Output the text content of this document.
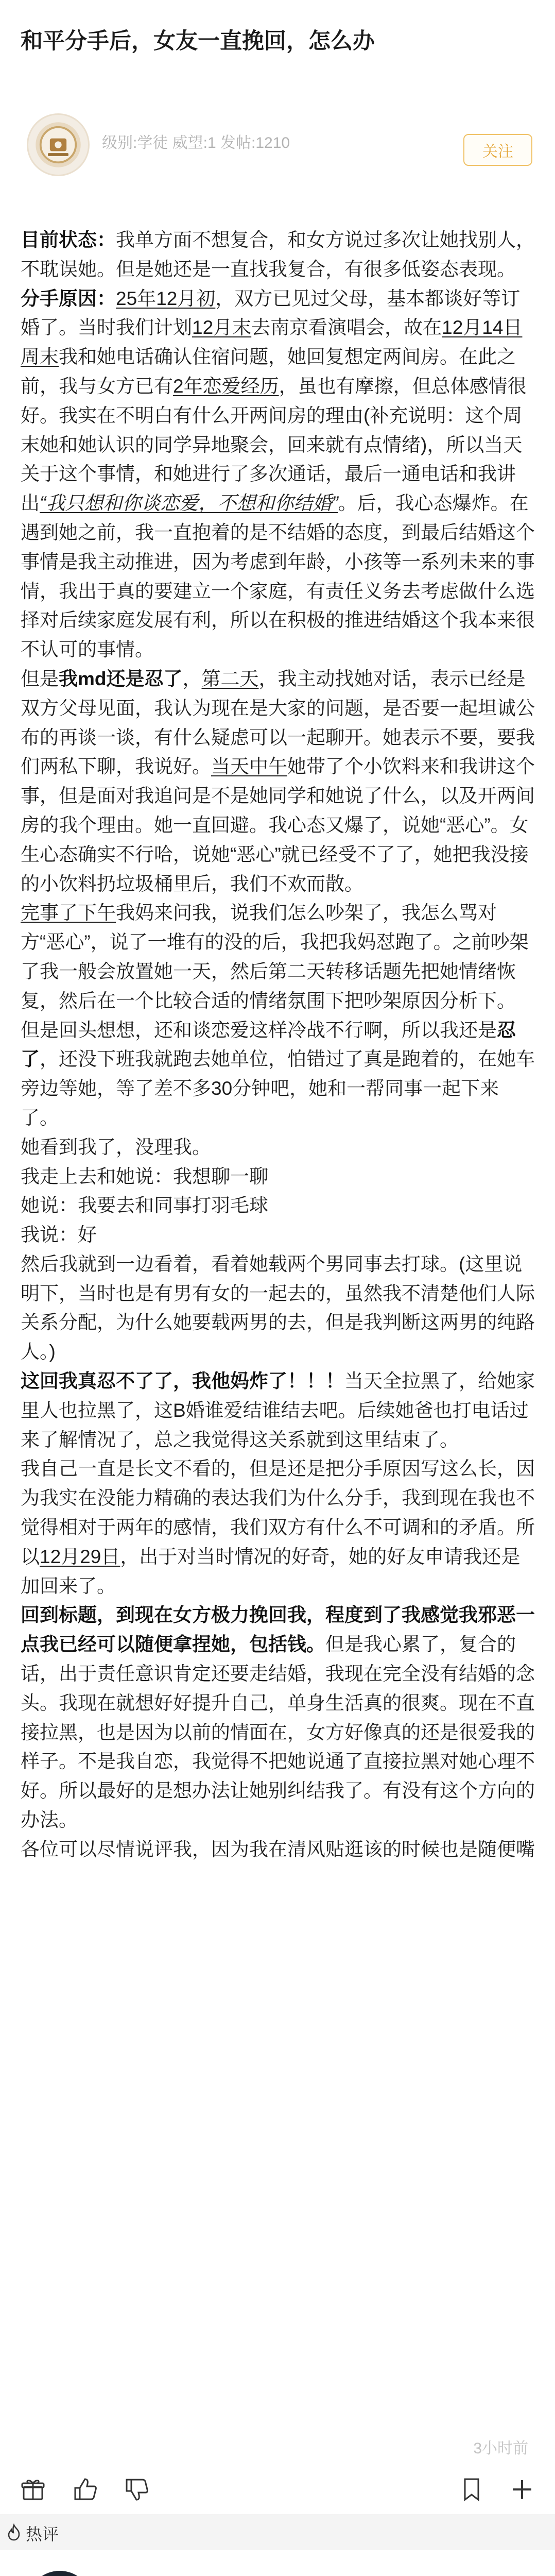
和平分手后，女友一直挽回，怎么办
级别:学徒 威望:1 发帖:1210
关注

目前状态：我单方面不想复合，和女方说过多次让她找别人，不耽误她。但是她还是一直找我复合，有很多低姿态表现。

分手原因：25年12月初，双方已见过父母，基本都谈好等订婚了。当时我们计划12月末去南京看演唱会，故在12月14日周末我和她电话确认住宿问题，她回复想定两间房。在此之前，我与女方已有2年恋爱经历，虽也有摩擦，但总体感情很好。我实在不明白有什么开两间房的理由(补充说明：这个周末她和她认识的同学异地聚会，回来就有点情绪)，所以当天关于这个事情，和她进行了多次通话，最后一通电话和我讲出“我只想和你谈恋爱，不想和你结婚”。后，我心态爆炸。在遇到她之前，我一直抱着的是不结婚的态度，到最后结婚这个事情是我主动推进，因为考虑到年龄，小孩等一系列未来的事情，我出于真的要建立一个家庭，有责任义务去考虑做什么选择对后续家庭发展有利，所以在积极的推进结婚这个我本来很不认可的事情。

但是我md还是忍了，第二天，我主动找她对话，表示已经是双方父母见面，我认为现在是大家的问题，是否要一起坦诚公布的再谈一谈，有什么疑虑可以一起聊开。她表示不要，要我们两私下聊，我说好。当天中午她带了个小饮料来和我讲这个事，但是面对我追问是不是她同学和她说了什么，以及开两间房的我个理由。她一直回避。我心态又爆了，说她“恶心”。女生心态确实不行哈，说她“恶心”就已经受不了了，她把我没接的小饮料扔垃圾桶里后，我们不欢而散。

完事了下午我妈来问我，说我们怎么吵架了，我怎么骂对方“恶心”，说了一堆有的没的后，我把我妈怼跑了。之前吵架了我一般会放置她一天，然后第二天转移话题先把她情绪恢复，然后在一个比较合适的情绪氛围下把吵架原因分析下。

但是回头想想，还和谈恋爱这样冷战不行啊，所以我还是忍了，还没下班我就跑去她单位，怕错过了真是跑着的，在她车旁边等她，等了差不多30分钟吧，她和一帮同事一起下来了。

她看到我了，没理我。

我走上去和她说：我想聊一聊

她说：我要去和同事打羽毛球

我说：好

然后我就到一边看着，看着她载两个男同事去打球。(这里说明下，当时也是有男有女的一起去的，虽然我不清楚他们人际关系分配，为什么她要载两男的去，但是我判断这两男的纯路人。)

这回我真忍不了了，我他妈炸了！！！当天全拉黑了，给她家里人也拉黑了，这B婚谁爱结谁结去吧。后续她爸也打电话过来了解情况了，总之我觉得这关系就到这里结束了。

我自己一直是长文不看的，但是还是把分手原因写这么长，因为我实在没能力精确的表达我们为什么分手，我到现在我也不觉得相对于两年的感情，我们双方有什么不可调和的矛盾。所以12月29日，出于对当时情况的好奇，她的好友申请我还是加回来了。

回到标题，到现在女方极力挽回我，程度到了我感觉我邪恶一点我已经可以随便拿捏她，包括钱。但是我心累了，复合的话，出于责任意识肯定还要走结婚，我现在完全没有结婚的念头。我现在就想好好提升自己，单身生活真的很爽。现在不直接拉黑，也是因为以前的情面在，女方好像真的还是很爱我的样子。不是我自恋，我觉得不把她说通了直接拉黑对她心理不好。所以最好的是想办法让她别纠结我了。有没有这个方向的办法。

各位可以尽情说评我，因为我在清风贴逛该的时候也是随便嘴

3小时前
热评
